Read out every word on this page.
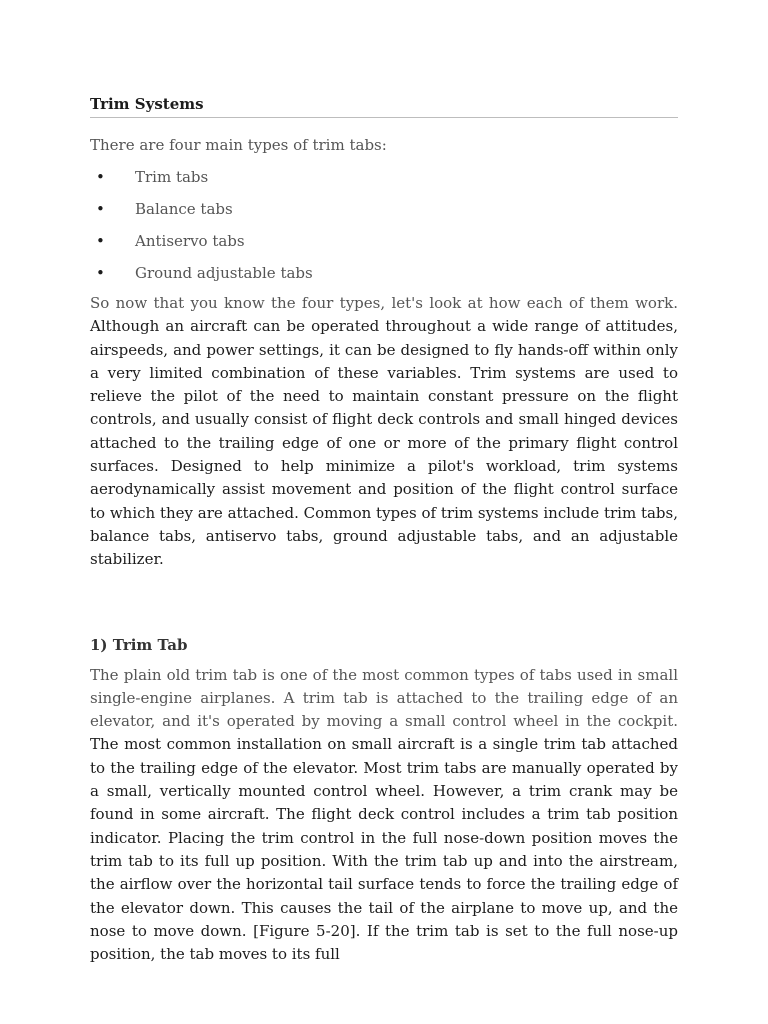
Trim Systems

There are four main types of trim tabs:

• Trim tabs
• Balance tabs
• Antiservo tabs
• Ground adjustable tabs

So now that you know the four types, let's look at how each of them work. Although an aircraft can be operated throughout a wide range of attitudes, airspeeds, and power settings, it can be designed to fly hands-off within only a very limited combination of these variables. Trim systems are used to relieve the pilot of the need to maintain constant pressure on the flight controls, and usually consist of flight deck controls and small hinged devices attached to the trailing edge of one or more of the primary flight control surfaces. Designed to help minimize a pilot's workload, trim systems aerodynamically assist movement and position of the flight control surface to which they are attached. Common types of trim systems include trim tabs, balance tabs, antiservo tabs, ground adjustable tabs, and an adjustable stabilizer.

1) Trim Tab

The plain old trim tab is one of the most common types of tabs used in small single-engine airplanes. A trim tab is attached to the trailing edge of an elevator, and it's operated by moving a small control wheel in the cockpit. The most common installation on small aircraft is a single trim tab attached to the trailing edge of the elevator. Most trim tabs are manually operated by a small, vertically mounted control wheel. However, a trim crank may be found in some aircraft. The flight deck control includes a trim tab position indicator. Placing the trim control in the full nose-down position moves the trim tab to its full up position. With the trim tab up and into the airstream, the airflow over the horizontal tail surface tends to force the trailing edge of the elevator down. This causes the tail of the airplane to move up, and the nose to move down. [Figure 5-20]. If the trim tab is set to the full nose-up position, the tab moves to its full
